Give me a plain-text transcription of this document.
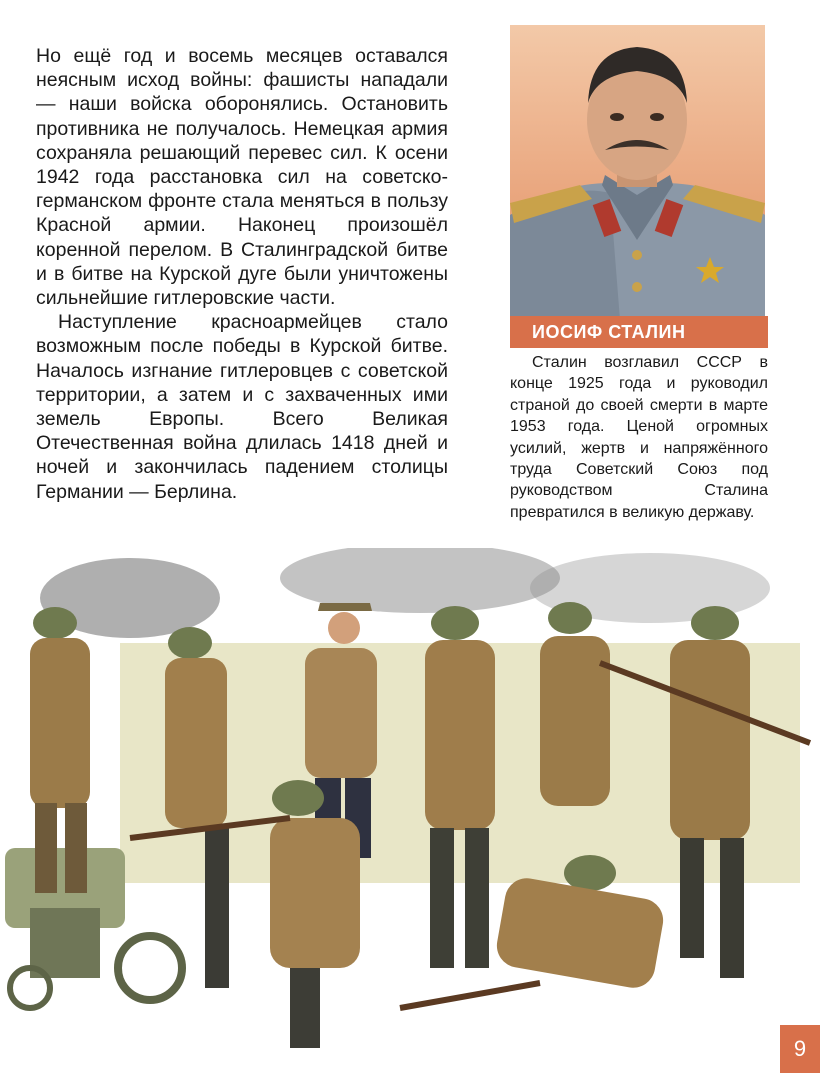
Но ещё год и восемь месяцев оставался неясным исход войны: фашисты нападали — наши войска оборонялись. Остановить противника не получалось. Немецкая армия сохраняла решающий перевес сил. К осени 1942 года расстановка сил на советско-германском фронте стала меняться в пользу Красной армии. Наконец произошёл коренной перелом. В Сталинградской битве и в битве на Курской дуге были уничтожены сильнейшие гитлеровские части.

Наступление красноармейцев стало возможным после победы в Курской битве. Началось изгнание гитлеровцев с советской территории, а затем и с захваченных ими земель Европы. Всего Великая Отечественная война длилась 1418 дней и ночей и закончилась падением столицы Германии — Берлина.

ИОСИФ СТАЛИН

Сталин возглавил СССР в конце 1925 года и руководил страной до своей смерти в марте 1953 года. Ценой огромных усилий, жертв и напряжённого труда Советский Союз под руководством Сталина превратился в великую державу.

9
